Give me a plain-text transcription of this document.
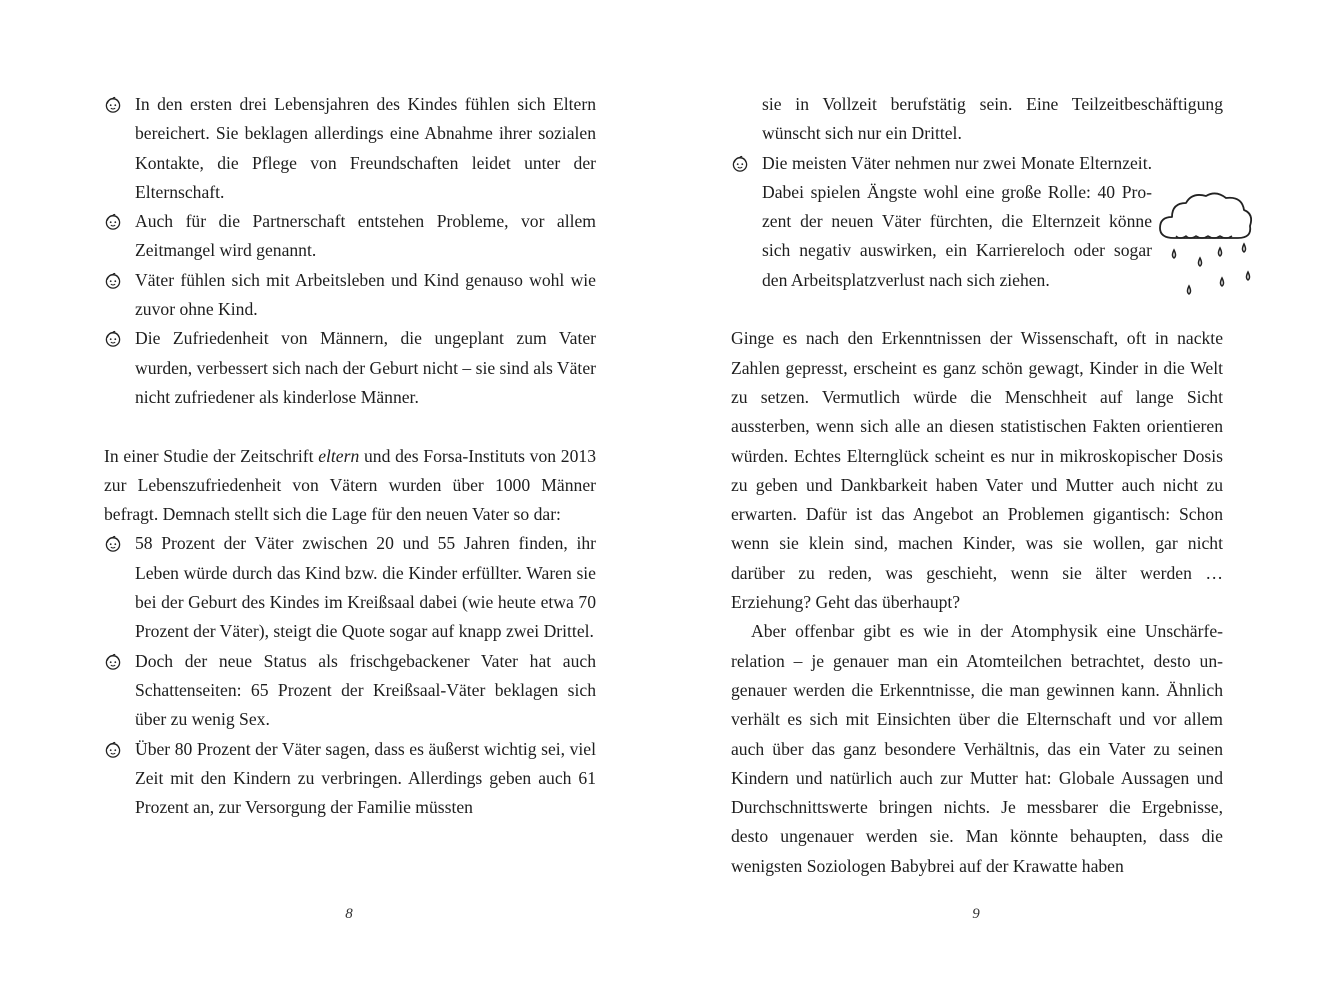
In den ersten drei Lebensjahren des Kindes fühlen sich Eltern bereichert. Sie beklagen allerdings eine Abnahme ihrer sozialen Kontakte, die Pflege von Freundschaften leidet unter der Elternschaft.

Auch für die Partnerschaft entstehen Probleme, vor allem Zeitmangel wird genannt.

Väter fühlen sich mit Arbeitsleben und Kind genauso wohl wie zuvor ohne Kind.

Die Zufriedenheit von Männern, die ungeplant zum Vater wurden, verbessert sich nach der Geburt nicht – sie sind als Väter nicht zufriedener als kinderlose Männer.

In einer Studie der Zeitschrift eltern und des Forsa-Instituts von 2013 zur Lebenszufriedenheit von Vätern wurden über 1000 Männer befragt. Demnach stellt sich die Lage für den neuen Vater so dar:

58 Prozent der Väter zwischen 20 und 55 Jahren finden, ihr Leben würde durch das Kind bzw. die Kinder erfüllter. Waren sie bei der Geburt des Kindes im Kreißsaal dabei (wie heute etwa 70 Prozent der Väter), steigt die Quote sogar auf knapp zwei Drittel.

Doch der neue Status als frischgebackener Vater hat auch Schattenseiten: 65 Prozent der Kreißsaal-Väter beklagen sich über zu wenig Sex.

Über 80 Prozent der Väter sagen, dass es äußerst wichtig sei, viel Zeit mit den Kindern zu verbringen. Allerdings geben auch 61 Prozent an, zur Versorgung der Familie müssten

8

sie in Vollzeit berufstätig sein. Eine Teilzeitbeschäftigung wünscht sich nur ein Drittel.

Die meisten Väter nehmen nur zwei Monate Elternzeit. Dabei spielen Ängste wohl eine große Rolle: 40 Prozent der neuen Väter fürchten, die Elternzeit könne sich negativ auswirken, ein Karriereloch oder sogar den Arbeitsplatzverlust nach sich ziehen.

Ginge es nach den Erkenntnissen der Wissenschaft, oft in nackte Zahlen gepresst, erscheint es ganz schön gewagt, Kinder in die Welt zu setzen. Vermutlich würde die Menschheit auf lange Sicht aussterben, wenn sich alle an diesen statistischen Fakten orientieren würden. Echtes Elternglück scheint es nur in mikroskopischer Dosis zu geben und Dankbarkeit haben Vater und Mutter auch nicht zu erwarten. Dafür ist das Angebot an Problemen gigantisch: Schon wenn sie klein sind, machen Kinder, was sie wollen, gar nicht darüber zu reden, was geschieht, wenn sie älter werden … Erziehung? Geht das überhaupt?

Aber offenbar gibt es wie in der Atomphysik eine Unschärferelation – je genauer man ein Atomteilchen betrachtet, desto ungenauer werden die Erkenntnisse, die man gewinnen kann. Ähnlich verhält es sich mit Einsichten über die Elternschaft und vor allem auch über das ganz besondere Verhältnis, das ein Vater zu seinen Kindern und natürlich auch zur Mutter hat: Globale Aussagen und Durchschnittswerte bringen nichts. Je messbarer die Ergebnisse, desto ungenauer werden sie. Man könnte behaupten, dass die wenigsten Soziologen Babybrei auf der Krawatte haben

9
